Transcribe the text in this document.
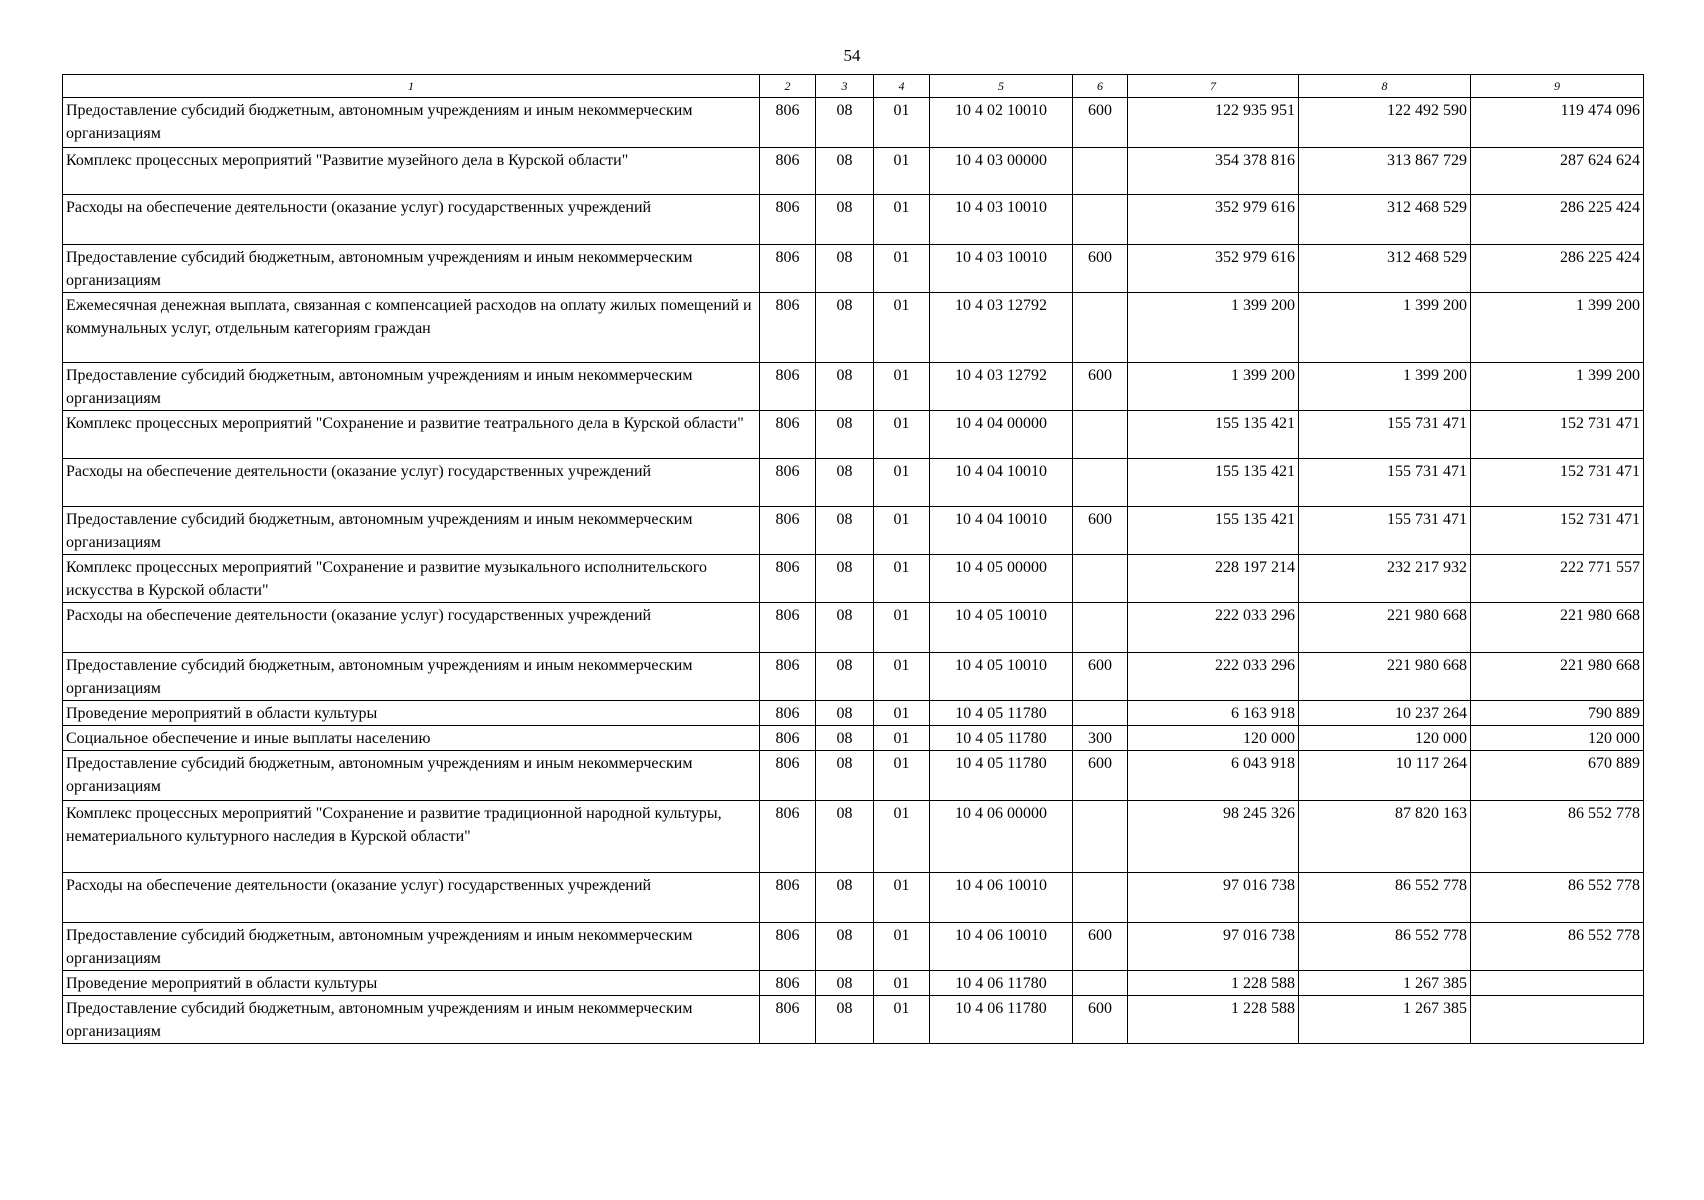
54
1	2	3	4	5	6	7	8	9
Предоставление субсидий бюджетным, автономным учреждениям и иным некоммерческим организациям	806	08	01	10 4 02 10010	600	122 935 951	122 492 590	119 474 096
Комплекс процессных мероприятий "Развитие музейного дела в Курской области"	806	08	01	10 4 03 00000		354 378 816	313 867 729	287 624 624
Расходы на обеспечение деятельности (оказание услуг) государственных учреждений	806	08	01	10 4 03 10010		352 979 616	312 468 529	286 225 424
Предоставление субсидий бюджетным, автономным учреждениям и иным некоммерческим организациям	806	08	01	10 4 03 10010	600	352 979 616	312 468 529	286 225 424
Ежемесячная денежная выплата, связанная с компенсацией расходов на оплату жилых помещений и коммунальных услуг, отдельным категориям граждан	806	08	01	10 4 03 12792		1 399 200	1 399 200	1 399 200
Предоставление субсидий бюджетным, автономным учреждениям и иным некоммерческим организациям	806	08	01	10 4 03 12792	600	1 399 200	1 399 200	1 399 200
Комплекс процессных мероприятий "Сохранение и развитие театрального дела в Курской области"	806	08	01	10 4 04 00000		155 135 421	155 731 471	152 731 471
Расходы на обеспечение деятельности (оказание услуг) государственных учреждений	806	08	01	10 4 04 10010		155 135 421	155 731 471	152 731 471
Предоставление субсидий бюджетным, автономным учреждениям и иным некоммерческим организациям	806	08	01	10 4 04 10010	600	155 135 421	155 731 471	152 731 471
Комплекс процессных мероприятий "Сохранение и развитие музыкального исполнительского искусства в Курской области"	806	08	01	10 4 05 00000		228 197 214	232 217 932	222 771 557
Расходы на обеспечение деятельности (оказание услуг) государственных учреждений	806	08	01	10 4 05 10010		222 033 296	221 980 668	221 980 668
Предоставление субсидий бюджетным, автономным учреждениям и иным некоммерческим организациям	806	08	01	10 4 05 10010	600	222 033 296	221 980 668	221 980 668
Проведение мероприятий в области культуры	806	08	01	10 4 05 11780		6 163 918	10 237 264	790 889
Социальное обеспечение и иные выплаты населению	806	08	01	10 4 05 11780	300	120 000	120 000	120 000
Предоставление субсидий бюджетным, автономным учреждениям и иным некоммерческим организациям	806	08	01	10 4 05 11780	600	6 043 918	10 117 264	670 889
Комплекс процессных мероприятий "Сохранение и развитие традиционной народной культуры, нематериального культурного наследия в Курской области"	806	08	01	10 4 06 00000		98 245 326	87 820 163	86 552 778
Расходы на обеспечение деятельности (оказание услуг) государственных учреждений	806	08	01	10 4 06 10010		97 016 738	86 552 778	86 552 778
Предоставление субсидий бюджетным, автономным учреждениям и иным некоммерческим организациям	806	08	01	10 4 06 10010	600	97 016 738	86 552 778	86 552 778
Проведение мероприятий в области культуры	806	08	01	10 4 06 11780		1 228 588	1 267 385	
Предоставление субсидий бюджетным, автономным учреждениям и иным некоммерческим организациям	806	08	01	10 4 06 11780	600	1 228 588	1 267 385	
